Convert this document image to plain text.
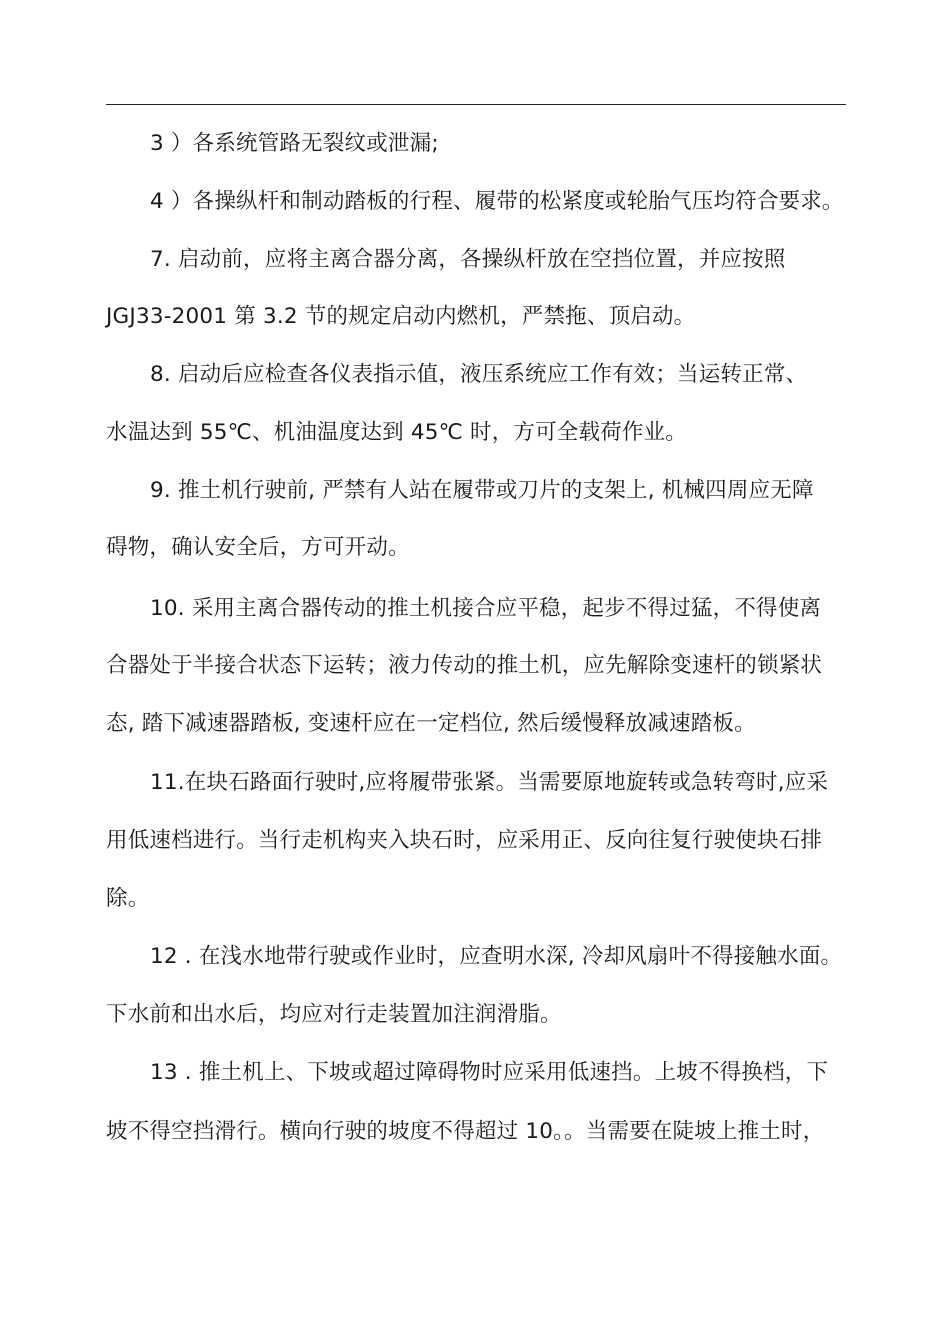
3 ）各系统管路无裂纹或泄漏;
4 ）各操纵杆和制动踏板的行程、履带的松紧度或轮胎气压均符合要求。
7. 启动前，应将主离合器分离，各操纵杆放在空挡位置，并应按照
JGJ33-2001 第 3.2 节的规定启动内燃机，严禁拖、顶启动。
8. 启动后应检查各仪表指示值，液压系统应工作有效；当运转正常、
水温达到 55℃、机油温度达到 45℃ 时，方可全载荷作业。
9. 推土机行驶前, 严禁有人站在履带或刀片的支架上, 机械四周应无障
碍物，确认安全后，方可开动。
10. 采用主离合器传动的推土机接合应平稳，起步不得过猛，不得使离
合器处于半接合状态下运转；液力传动的推土机，应先解除变速杆的锁紧状
态, 踏下减速器踏板, 变速杆应在一定档位, 然后缓慢释放减速踏板。
11.在块石路面行驶时,应将履带张紧。当需要原地旋转或急转弯时,应采
用低速档进行。当行走机构夹入块石时，应采用正、反向往复行驶使块石排
除。
12 . 在浅水地带行驶或作业时，应查明水深, 冷却风扇叶不得接触水面。
下水前和出水后，均应对行走装置加注润滑脂。
13 . 推土机上、下坡或超过障碍物时应采用低速挡。上坡不得换档，下
坡不得空挡滑行。横向行驶的坡度不得超过 10。。当需要在陡坡上推土时，
